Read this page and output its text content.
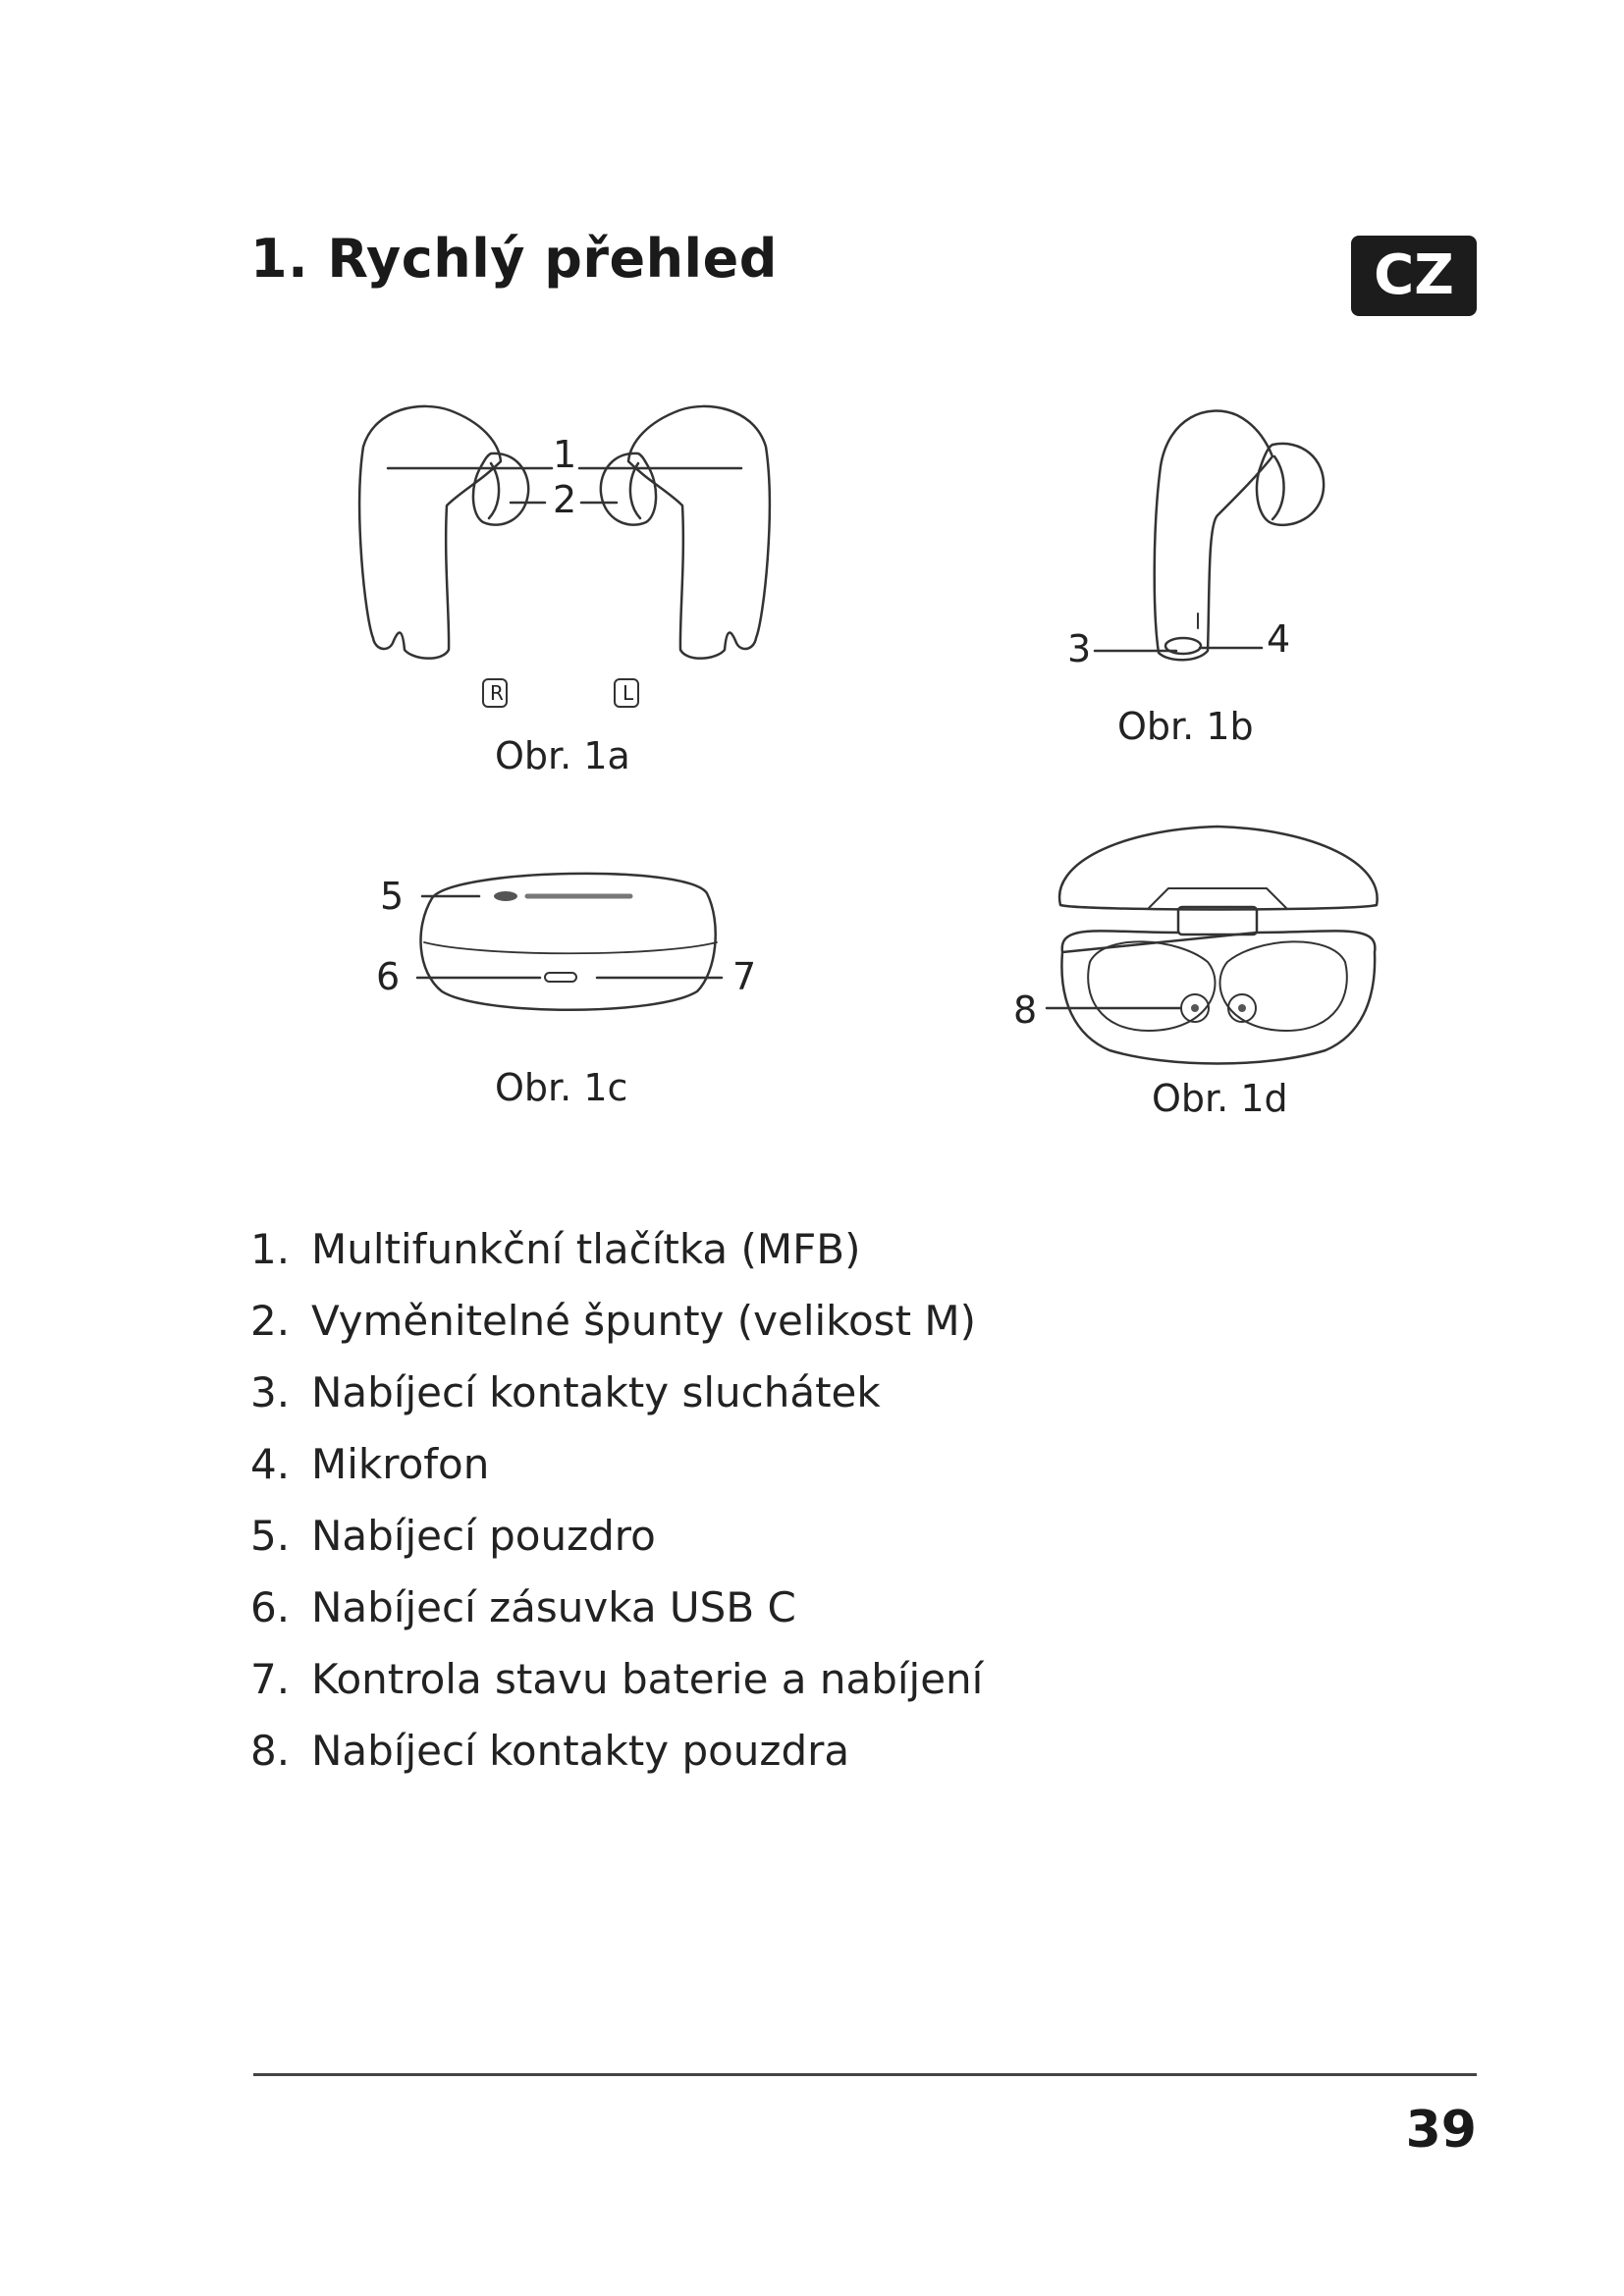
1. Rychlý přehled	CZ
1
2
R	L
Obr. 1a
3	4
Obr. 1b
5
6	7
Obr. 1c
8
Obr. 1d
1. Multifunkční tlačítka (MFB)
2. Vyměnitelné špunty (velikost M)
3. Nabíjecí kontakty sluchátek
4. Mikrofon
5. Nabíjecí pouzdro
6. Nabíjecí zásuvka USB C
7. Kontrola stavu baterie a nabíjení
8. Nabíjecí kontakty pouzdra
39
